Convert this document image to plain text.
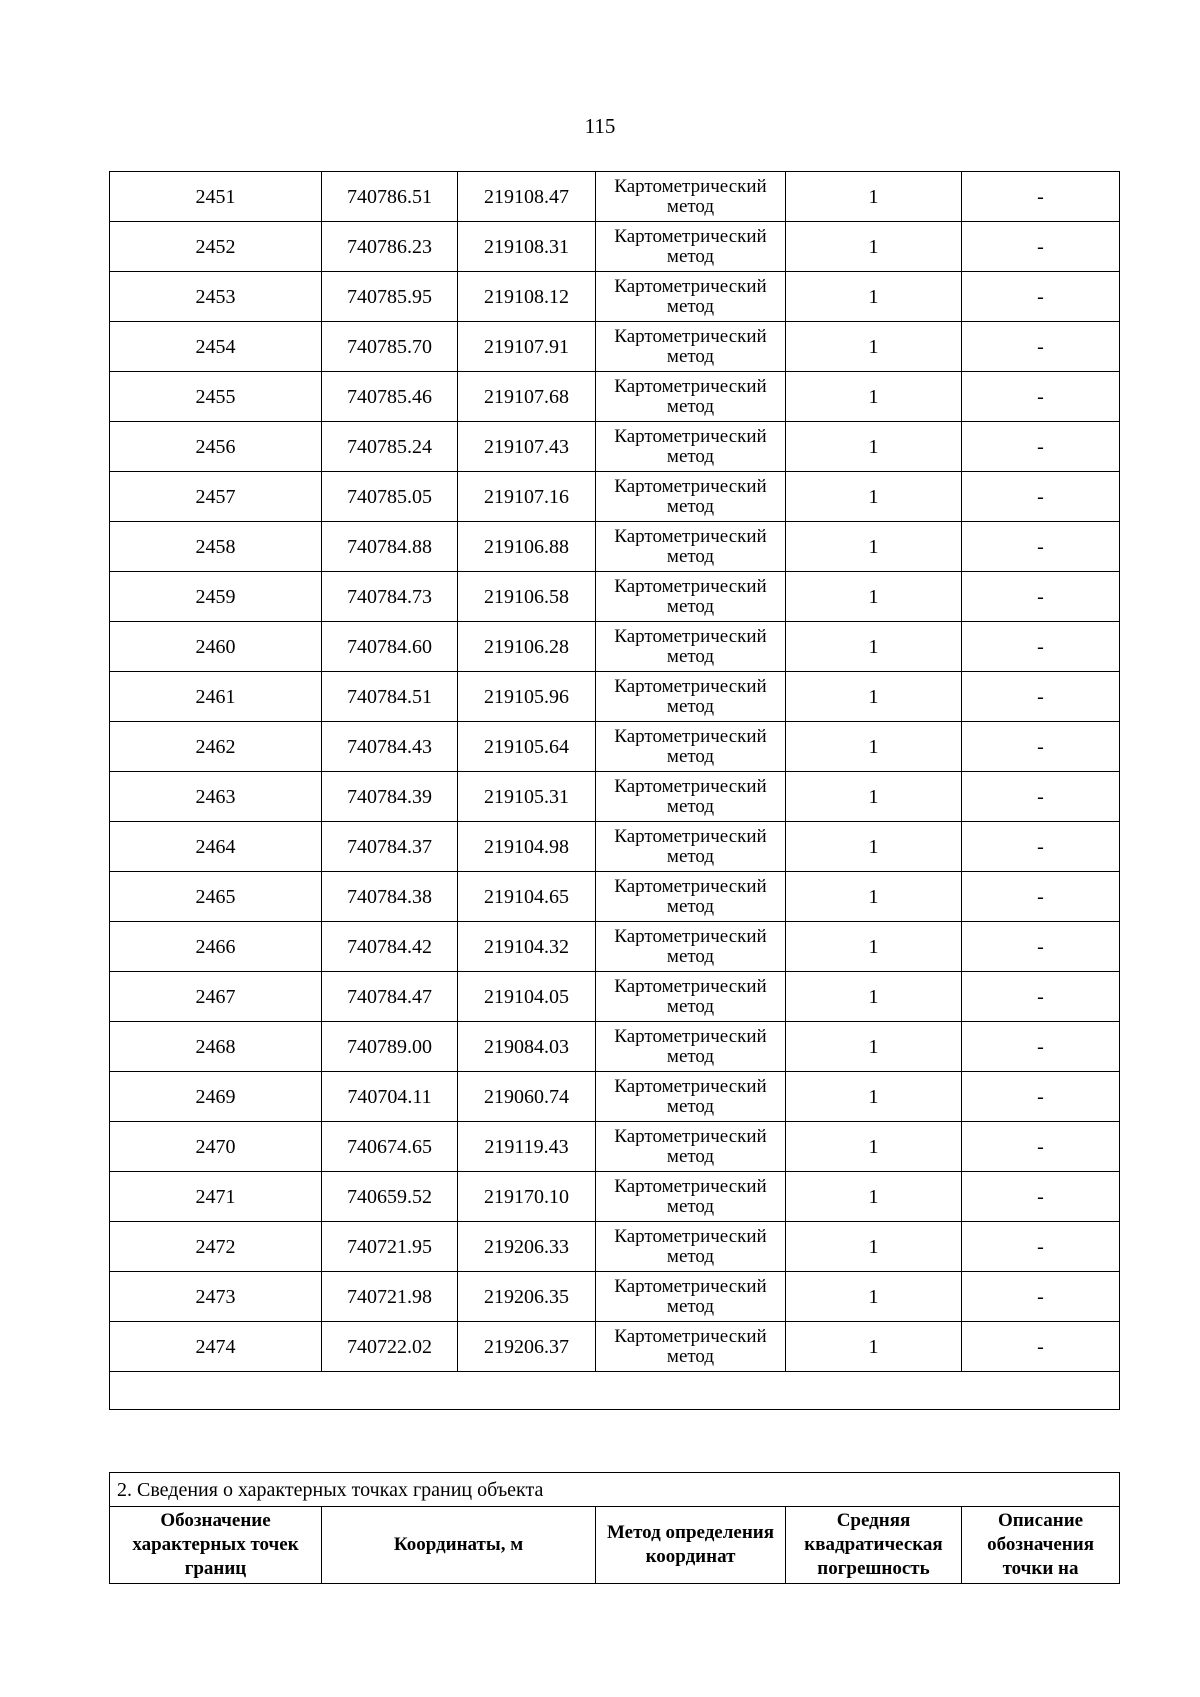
115
2451	740786.51	219108.47	Картометрический метод	1	-
2452	740786.23	219108.31	Картометрический метод	1	-
2453	740785.95	219108.12	Картометрический метод	1	-
2454	740785.70	219107.91	Картометрический метод	1	-
2455	740785.46	219107.68	Картометрический метод	1	-
2456	740785.24	219107.43	Картометрический метод	1	-
2457	740785.05	219107.16	Картометрический метод	1	-
2458	740784.88	219106.88	Картометрический метод	1	-
2459	740784.73	219106.58	Картометрический метод	1	-
2460	740784.60	219106.28	Картометрический метод	1	-
2461	740784.51	219105.96	Картометрический метод	1	-
2462	740784.43	219105.64	Картометрический метод	1	-
2463	740784.39	219105.31	Картометрический метод	1	-
2464	740784.37	219104.98	Картометрический метод	1	-
2465	740784.38	219104.65	Картометрический метод	1	-
2466	740784.42	219104.32	Картометрический метод	1	-
2467	740784.47	219104.05	Картометрический метод	1	-
2468	740789.00	219084.03	Картометрический метод	1	-
2469	740704.11	219060.74	Картометрический метод	1	-
2470	740674.65	219119.43	Картометрический метод	1	-
2471	740659.52	219170.10	Картометрический метод	1	-
2472	740721.95	219206.33	Картометрический метод	1	-
2473	740721.98	219206.35	Картометрический метод	1	-
2474	740722.02	219206.37	Картометрический метод	1	-

2. Сведения о характерных точках границ объекта
Обозначение характерных точек границ	Координаты, м	Метод определения координат	Средняя квадратическая погрешность	Описание обозначения точки на
